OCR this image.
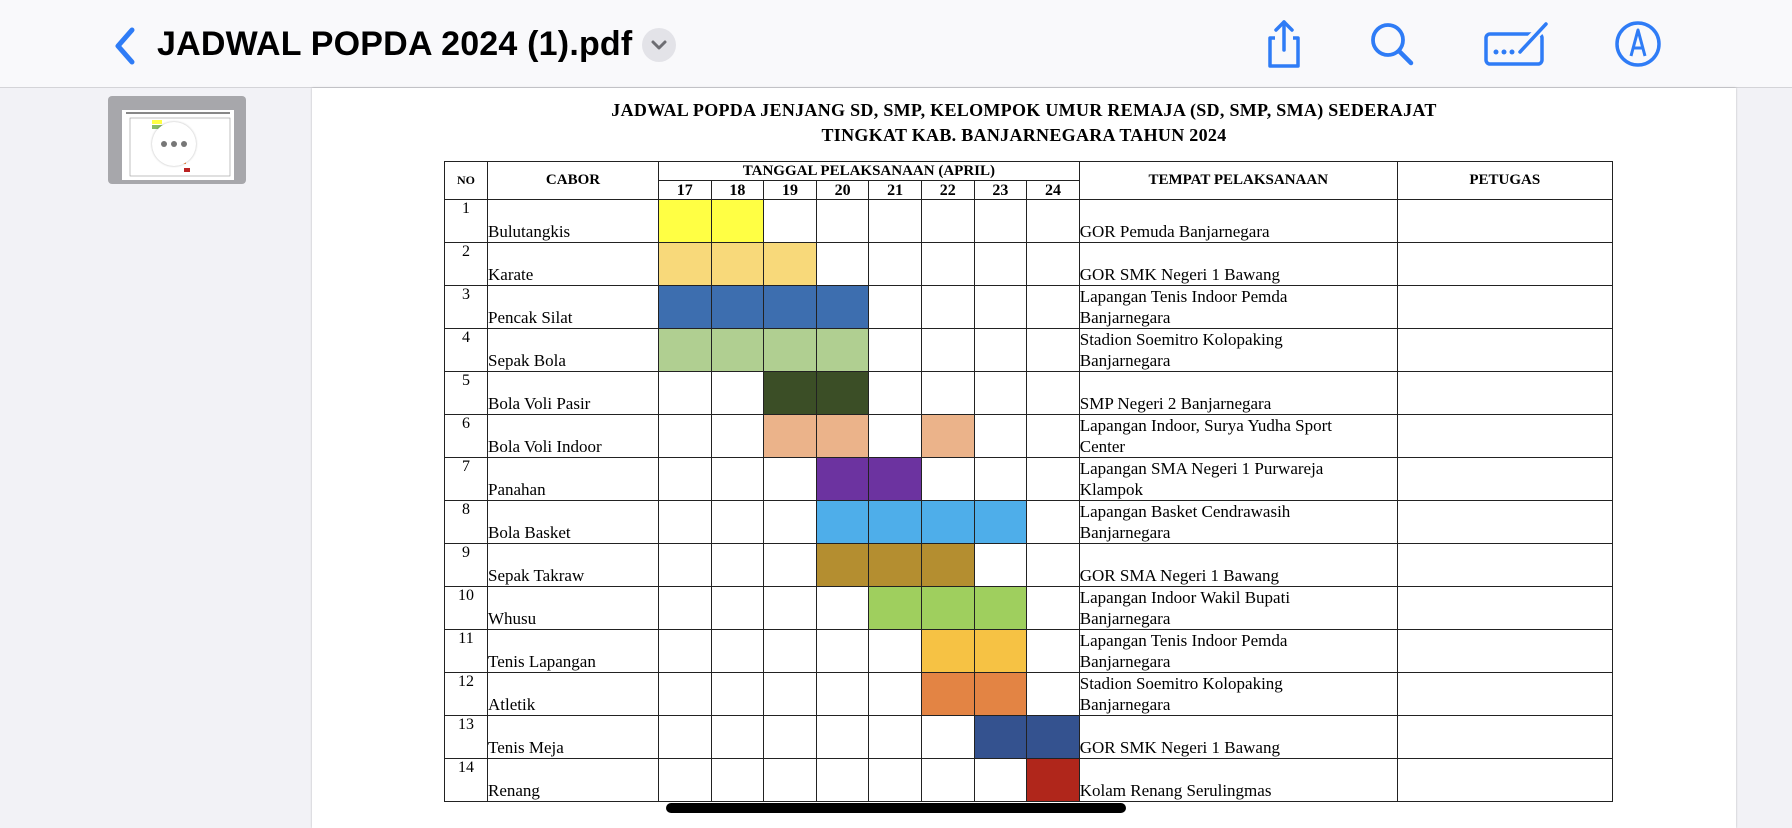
JADWAL POPDA 2024 (1).pdf
JADWAL POPDA JENJANG SD, SMP, KELOMPOK UMUR REMAJA (SD, SMP, SMA) SEDERAJAT
TINGKAT KAB. BANJARNEGARA TAHUN 2024
NO	CABOR	TANGGAL PELAKSANAAN (APRIL)								TEMPAT PELAKSANAAN	PETUGAS
		17	18	19	20	21	22	23	24		
1	Bulutangkis									GOR Pemuda Banjarnegara	

2	Karate									GOR SMK Negeri 1 Bawang	

3	Pencak Silat									Lapangan Tenis Indoor Pemda
Banjarnegara	

4	Sepak Bola									Stadion Soemitro Kolopaking
Banjarnegara	

5	Bola Voli Pasir									SMP Negeri 2 Banjarnegara	

6	Bola Voli Indoor									Lapangan Indoor, Surya Yudha Sport
Center	

7	Panahan									Lapangan SMA Negeri 1 Purwareja
Klampok	

8	Bola Basket									Lapangan Basket Cendrawasih
Banjarnegara	

9	Sepak Takraw									GOR SMA Negeri 1 Bawang	

10	Whusu									Lapangan Indoor Wakil Bupati
Banjarnegara	

11	Tenis Lapangan									Lapangan Tenis Indoor Pemda
Banjarnegara	

12	Atletik									Stadion Soemitro Kolopaking
Banjarnegara	

13	Tenis Meja									GOR SMK Negeri 1 Bawang	

14	Renang									Kolam Renang Serulingmas	
